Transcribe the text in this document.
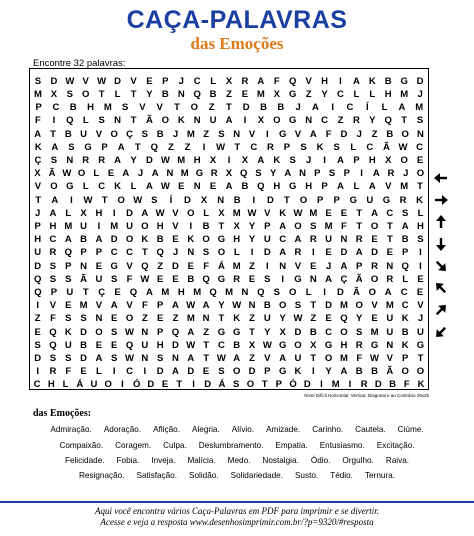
CAÇA-PALAVRAS
das Emoções
Encontre 32 palavras:
S D W V W D V	E	P	J	C	L	X R A	F Q V H	I	A K B G D
M X	S O T	L	T	Y B N Q B	Z	E M X G Z	Y C	L	L	H M J
P	C	B	H	M	S	V	V	T	O	Z	T	D	B	B	J	A	I	C	Í	L	A	M
F	I	Q L	S N	T	Ã O K N U A	I	X O G N C	Z	R Y Q T	S
A T B U V O Ç S B J M Z S N V	I	G V A F D J	Z B O N
K	A	S	G	P	A	T	Q	Z	Z	I	W T	C	R	P	S	K	S	L	C	Ã W C
Ç S N R R A Y D W M H X	I	X A K S	J	I	A P H X O E
X Ã W O L E A J A N M G R X Q S Y A N P S P	I	A R J O
V O G L	C K	L	A W E N E A B Q H G H P A	L	A V M T
T	A	I	W T	O W S	Í	D	X	N	B	I	D	T	O	P	P	G U G R	K
J A L X H	I	D A W V O L X M W V K W M E E T A C S L
P H M U	I	M U O H V	I	B T X Y P A O S M F	T O T A H
H C A B A D O K B E K O G H Y U C A R U N R E T B S
U R Q P P C C T Q J N S O L	I	D A R	I	E D A D E P	I
D S P N E G V Q Z D E F Á M Z	I	N V E J A P R N Q	I
Q S S Ã U S F W E E B Q G R E S	I	G N A Ç Ã O R L E
Q P U	T	Ç E Q A M H M Q M N Q S O L	I	D Ã O A C E
I	V E M V A V F P A W A Y W N B O S T D M O V M C V
Z	F S S N E O Z E Z M N T K Z U Y W Z E Q Y E U K J
E Q K D O S W N P Q A Z G G T Y X D B C O S M U B U
S Q U B E E Q U H D W T C B X W G O X G H R G N K G
D S S D A S W N S N A T W A Z V A U T O M F W V P T
I	R F E L	I	C	I	D A D E S O D P G K	I	Y A B B Ã O O
C H L Á U O I Ó D E T	I D Á S O T P Ó D I M I R D B F K
Nível Difícil Horizontal, Vertical, Diagonal e ao Contrário 29x25
das Emoções:
Admiração. Adoração. Aflição. Alegria. Alívio. Amizade. Carinho. Cautela. Ciúme.
Compaixão. Coragem. Culpa. Deslumbramento. Empatia. Entusiasmo. Excitação.
Felicidade. Fobia. Inveja. Malícia. Medo. Nostalgia. Ódio. Orgulho. Raiva.
Resignação. Satisfação. Solidão. Solidariedade. Susto. Tédio. Ternura.
Aqui você encontra vários Caça-Palavras em PDF para imprimir e se divertir.
Acesse e veja a resposta www.desenhosimprimir.com.br/?p=9320/#resposta
